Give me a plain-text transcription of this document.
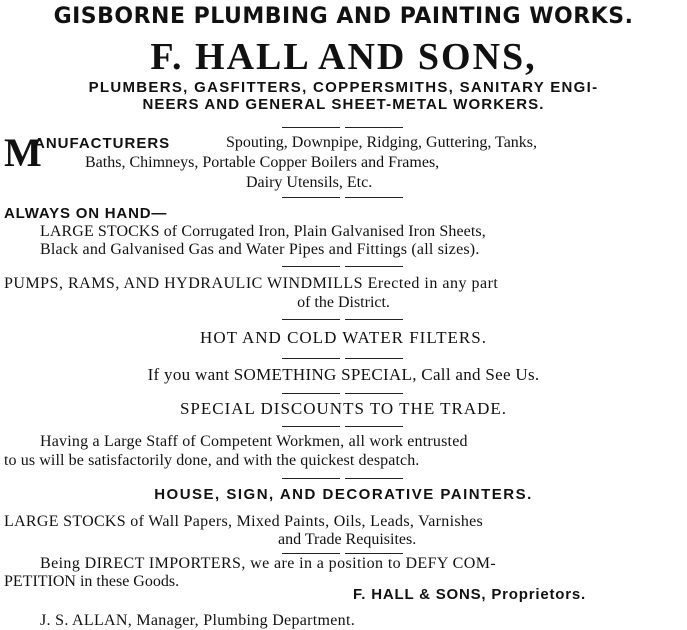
GISBORNE PLUMBING AND PAINTING WORKS.
F. HALL AND SONS,
PLUMBERS, GASFITTERS, COPPERSMITHS, SANITARY ENGI-
NEERS AND GENERAL SHEET-METAL WORKERS.
M
ANUFACTURERS	Spouting, Downpipe, Ridging, Guttering, Tanks,
Baths, Chimneys, Portable Copper Boilers and Frames,
Dairy Utensils, Etc.
ALWAYS ON HAND—
LARGE STOCKS of Corrugated Iron, Plain Galvanised Iron Sheets,
Black and Galvanised Gas and Water Pipes and Fittings (all sizes).
PUMPS, RAMS, AND HYDRAULIC WINDMILLS Erected in any part
of the District.
HOT AND COLD WATER FILTERS.
If you want SOMETHING SPECIAL, Call and See Us.
SPECIAL DISCOUNTS TO THE TRADE.
Having a Large Staff of Competent Workmen, all work entrusted
to us will be satisfactorily done, and with the quickest despatch.
HOUSE, SIGN, AND DECORATIVE PAINTERS.
LARGE STOCKS of Wall Papers, Mixed Paints, Oils, Leads, Varnishes
and Trade Requisites.
Being DIRECT IMPORTERS, we are in a position to DEFY COM-
PETITION in these Goods.
F. HALL & SONS, Proprietors.
J. S. ALLAN, Manager, Plumbing Department.
